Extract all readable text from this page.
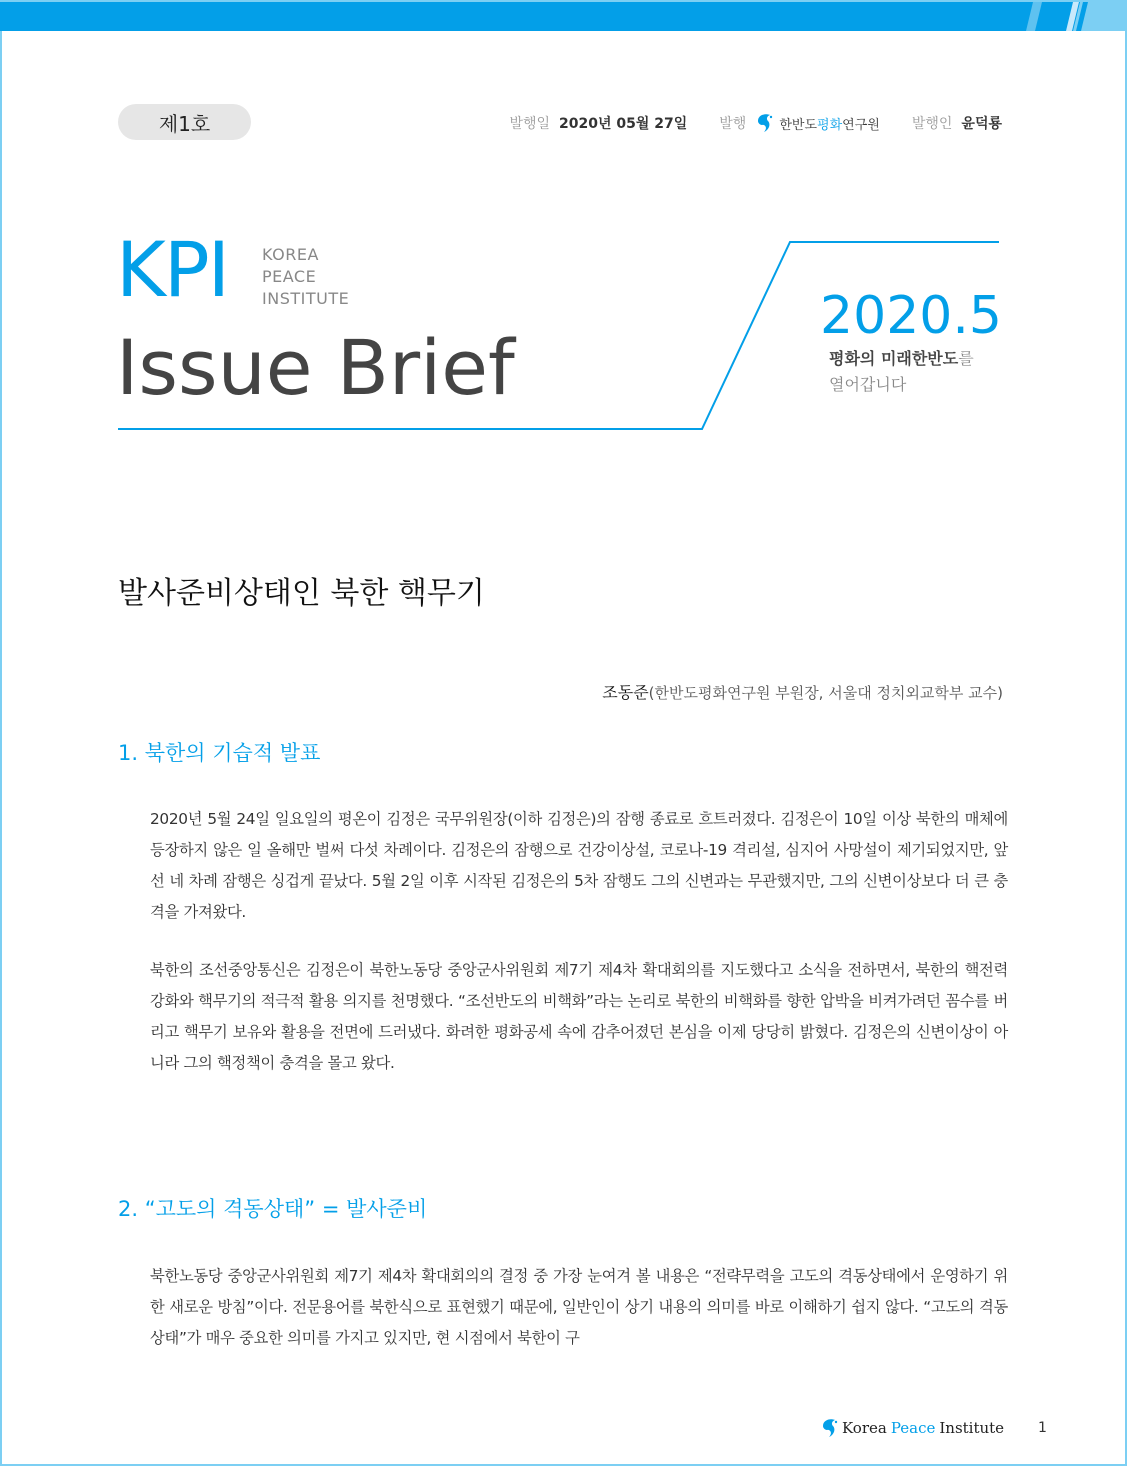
제1호	발행일 2020년 05월 27일 발행	한반도평화연구원 발행인 윤덕룡
KPI KOREA
PEACE
INSTITUTE
Issue Brief
2020.5
평화의 미래한반도를
열어갑니다
발사준비상태인 북한 핵무기
조동준(한반도평화연구원 부원장, 서울대 정치외교학부 교수)
1. 북한의 기습적 발표

2020년 5월 24일 일요일의 평온이 김정은 국무위원장(이하 김정은)의 잠행 종료로 흐트러졌다. 김정은이 10일 이상 북한의 매체에 등장하지 않은 일 올해만 벌써 다섯 차례이다. 김정은의 잠행으로 건강이상설, 코로나-19 격리설, 심지어 사망설이 제기되었지만, 앞선 네 차례 잠행은 싱겁게 끝났다. 5월 2일 이후 시작된 김정은의 5차 잠행도 그의 신변과는 무관했지만, 그의 신변이상보다 더 큰 충격을 가져왔다.

북한의 조선중앙통신은 김정은이 북한노동당 중앙군사위원회 제7기 제4차 확대회의를 지도했다고 소식을 전하면서, 북한의 핵전력 강화와 핵무기의 적극적 활용 의지를 천명했다. “조선반도의 비핵화”라는 논리로 북한의 비핵화를 향한 압박을 비켜가려던 꼼수를 버리고 핵무기 보유와 활용을 전면에 드러냈다. 화려한 평화공세 속에 감추어졌던 본심을 이제 당당히 밝혔다. 김정은의 신변이상이 아니라 그의 핵정책이 충격을 몰고 왔다.

2. “고도의 격동상태” = 발사준비

북한노동당 중앙군사위원회 제7기 제4차 확대회의의 결정 중 가장 눈여겨 볼 내용은 “전략무력을 고도의 격동상태에서 운영하기 위한 새로운 방침”이다. 전문용어를 북한식으로 표현했기 때문에, 일반인이 상기 내용의 의미를 바로 이해하기 쉽지 않다. “고도의 격동상태”가 매우 중요한 의미를 가지고 있지만, 현 시점에서 북한이 구

Korea Peace Institute 1
